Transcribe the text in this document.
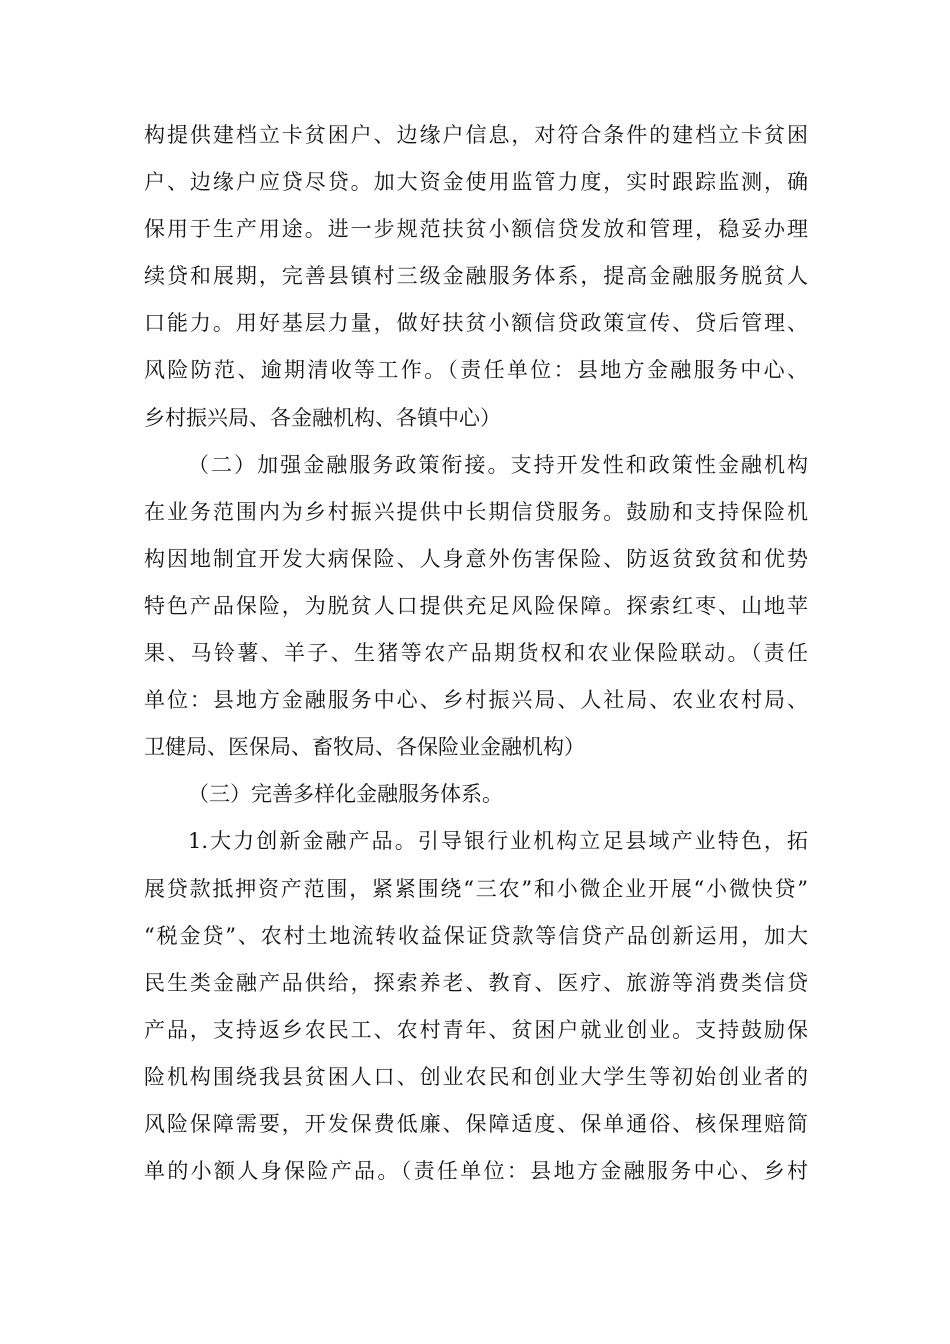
构提供建档立卡贫困户、边缘户信息，对符合条件的建档立卡贫困
户、边缘户应贷尽贷。加大资金使用监管力度，实时跟踪监测，确
保用于生产用途。进一步规范扶贫小额信贷发放和管理，稳妥办理
续贷和展期，完善县镇村三级金融服务体系，提高金融服务脱贫人
口能力。用好基层力量，做好扶贫小额信贷政策宣传、贷后管理、
风险防范、逾期清收等工作。（责任单位：县地方金融服务中心、
乡村振兴局、各金融机构、各镇中心）
（二）加强金融服务政策衔接。支持开发性和政策性金融机构
在业务范围内为乡村振兴提供中长期信贷服务。鼓励和支持保险机
构因地制宜开发大病保险、人身意外伤害保险、防返贫致贫和优势
特色产品保险，为脱贫人口提供充足风险保障。探索红枣、山地苹
果、马铃薯、羊子、生猪等农产品期货权和农业保险联动。（责任
单位：县地方金融服务中心、乡村振兴局、人社局、农业农村局、
卫健局、医保局、畜牧局、各保险业金融机构）
（三）完善多样化金融服务体系。
1.大力创新金融产品。引导银行业机构立足县域产业特色，拓
展贷款抵押资产范围，紧紧围绕“三农”和小微企业开展“小微快贷”
“税金贷”、农村土地流转收益保证贷款等信贷产品创新运用，加大
民生类金融产品供给，探索养老、教育、医疗、旅游等消费类信贷
产品，支持返乡农民工、农村青年、贫困户就业创业。支持鼓励保
险机构围绕我县贫困人口、创业农民和创业大学生等初始创业者的
风险保障需要，开发保费低廉、保障适度、保单通俗、核保理赔简
单的小额人身保险产品。（责任单位：县地方金融服务中心、乡村
